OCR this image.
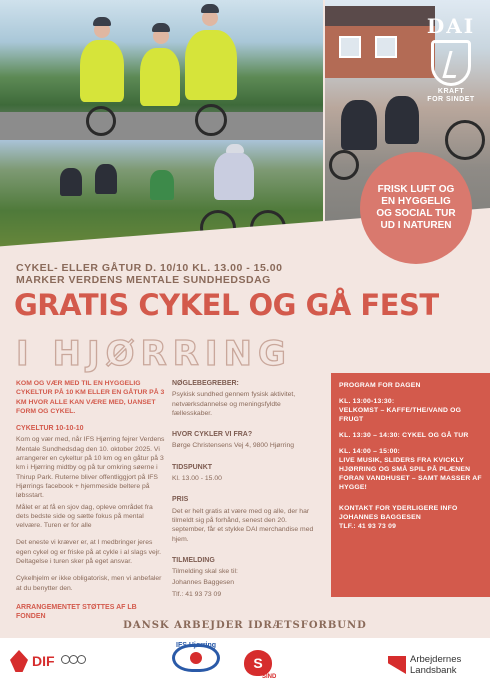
DAI
KRAFT
FOR SINDET
FRISK LUFT OG EN HYGGELIG OG SOCIAL TUR UD I NATUREN
CYKEL- ELLER GÅTUR D. 10/10 KL. 13.00 - 15.00
MARKER VERDENS MENTALE SUNDHEDSDAG
GRATIS CYKEL OG GÅ FEST
I HJØRRING
KOM OG VÆR MED TIL EN HYGGELIG CYKELTUR PÅ 10 KM ELLER EN GÅTUR PÅ 3 KM HVOR ALLE KAN VÆRE MED, UANSET FORM OG CYKEL.
CYKELTUR 10-10-10

Kom og vær med, når IFS Hjørring fejrer Verdens Mentale Sundhedsdag den 10. oktober 2025. Vi arrangerer en cykeltur på 10 km og en gåtur på 3 km i Hjørring midtby og på tur omkring søerne i Thirup Park. Ruterne bliver offentliggjort på IFS Hjørrings facebook + hjemmeside beltere på løbsstart.

Målet er at få en sjov dag, opleve området fra dets bedste side og sætte fokus på mental velvære. Turen er for alle

Det eneste vi kræver er, at I medbringer jeres egen cykel og er friske på at cykle i al slags vejr. Deltagelse i turen sker på eget ansvar.

Cykelhjelm er ikke obligatorisk, men vi anbefaler at du benytter den.

ARRANGEMENTET STØTTES AF LB FONDEN
NØGLEBEGREBER:

Psykisk sundhed gennem fysisk aktivitet, netværksdannelse og meningsfyldte fællesskaber.

HVOR CYKLER VI FRA?

Børge Christensens Vej 4, 9800 Hjørring

TIDSPUNKT

Kl. 13.00 - 15.00

PRIS

Det er helt gratis at være med og alle, der har tilmeldt sig på forhånd, senest den 20. september, får et stykke DAI merchandise med hjem.

TILMELDING

Tilmelding skal ske til:

Johannes Baggesen

Tlf.: 41 93 73 09

PROGRAM FOR DAGEN
KL. 13:00-13:30:
VELKOMST – KAFFE/THE/VAND OG FRUGT
KL. 13:30 – 14:30: CYKEL OG GÅ TUR
KL. 14:00 – 15:00:
LIVE MUSIK, SLIDERS FRA KVICKLY HJØRRING OG SMÅ SPIL PÅ PLÆNEN FORAN VANDHUSET – SAMT MASSER AF HYGGE!
KONTAKT FOR YDERLIGERE INFO
JOHANNES BAGGESEN
TLF.: 41 93 73 09
DANSK ARBEJDER IDRÆTSFORBUND
DIF
IFS Hjørring
S
SIND
Arbejdernes
Landsbank
